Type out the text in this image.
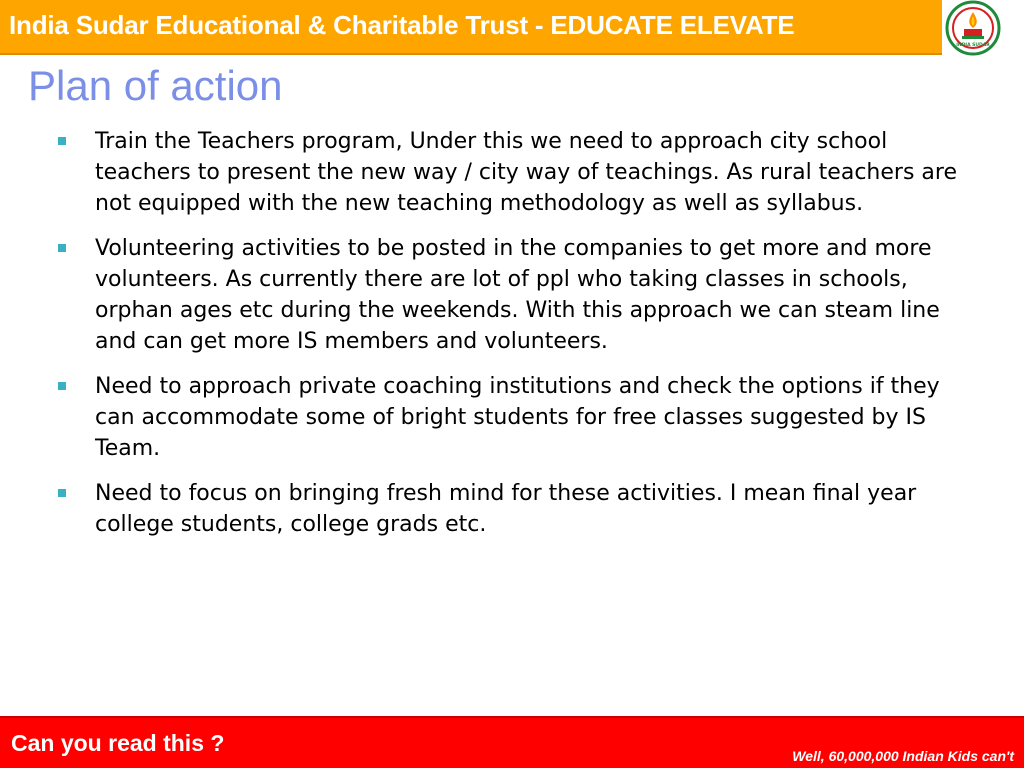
India Sudar Educational & Charitable Trust - EDUCATE ELEVATE
INDIA SUDAR
Plan of action
Train the Teachers program, Under this we need to approach city school teachers to present the new way / city way of teachings. As rural teachers are not equipped with the new teaching methodology as well as syllabus.
Volunteering activities to be posted in the companies to get more and more volunteers. As currently there are lot of ppl who taking classes in schools, orphan ages etc during the weekends. With this approach we can steam line and can get more IS members and volunteers.
Need to approach private coaching institutions and check the options if they can accommodate some of bright students for free classes suggested by IS Team.
Need to focus on bringing fresh mind for these activities. I mean final year college students, college grads etc.
Can you read this ?	Well, 60,000,000 Indian Kids can't
